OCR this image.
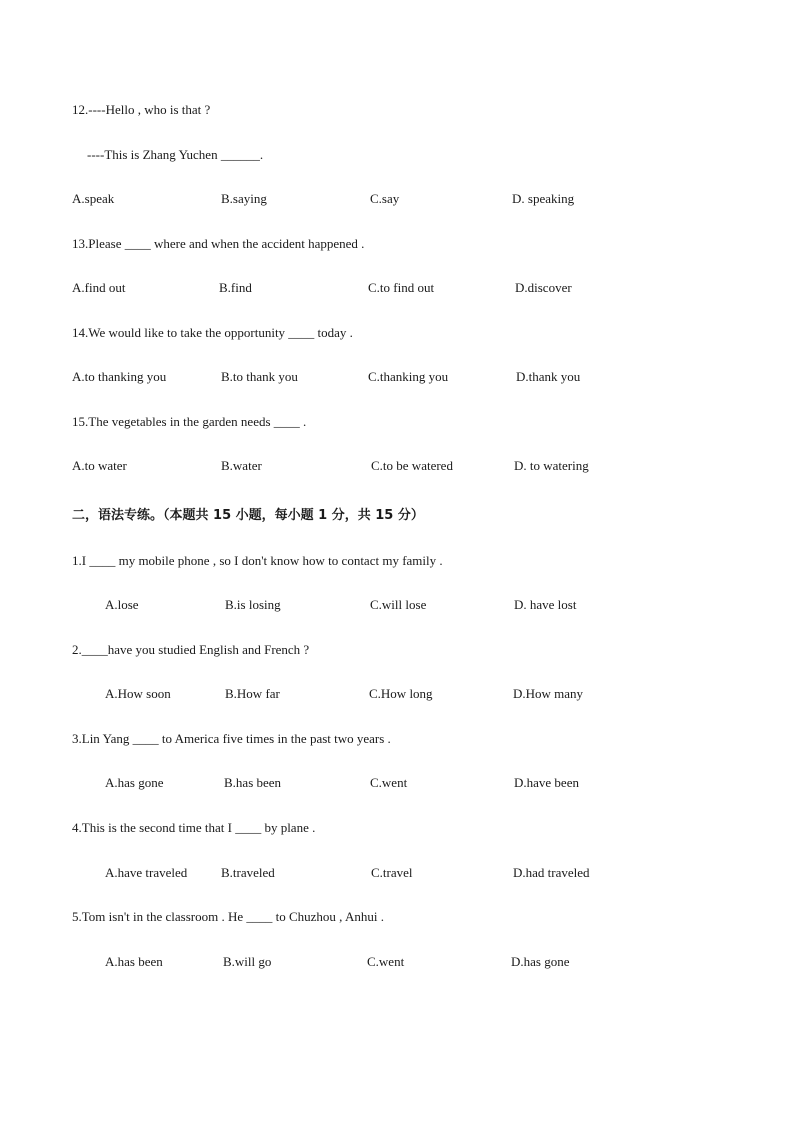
12.----Hello , who is that ?
----This is Zhang Yuchen ______.
A.speak	B.saying	C.say	D. speaking
13.Please ____ where and when the accident happened .
A.find out	B.find	C.to find out	D.discover
14.We would like to take the opportunity ____ today .
A.to thanking you	B.to thank you	C.thanking you	D.thank you
15.The vegetables in the garden needs ____ .
A.to water	B.water	C.to be watered	D. to watering
二，语法专练。（本题共 15 小题，每小题 1 分，共 15 分）
1.I ____ my mobile phone , so I don't know how to contact my family .
A.lose	B.is losing	C.will lose	D. have lost
2.____have you studied English and French ?
A.How soon	B.How far	C.How long	D.How many
3.Lin Yang ____ to America five times in the past two years .
A.has gone	B.has been	C.went	D.have been
4.This is the second time that I ____ by plane .
A.have traveled	B.traveled	C.travel	D.had traveled
5.Tom isn't in the classroom . He ____ to Chuzhou , Anhui .
A.has been	B.will go	C.went	D.has gone
